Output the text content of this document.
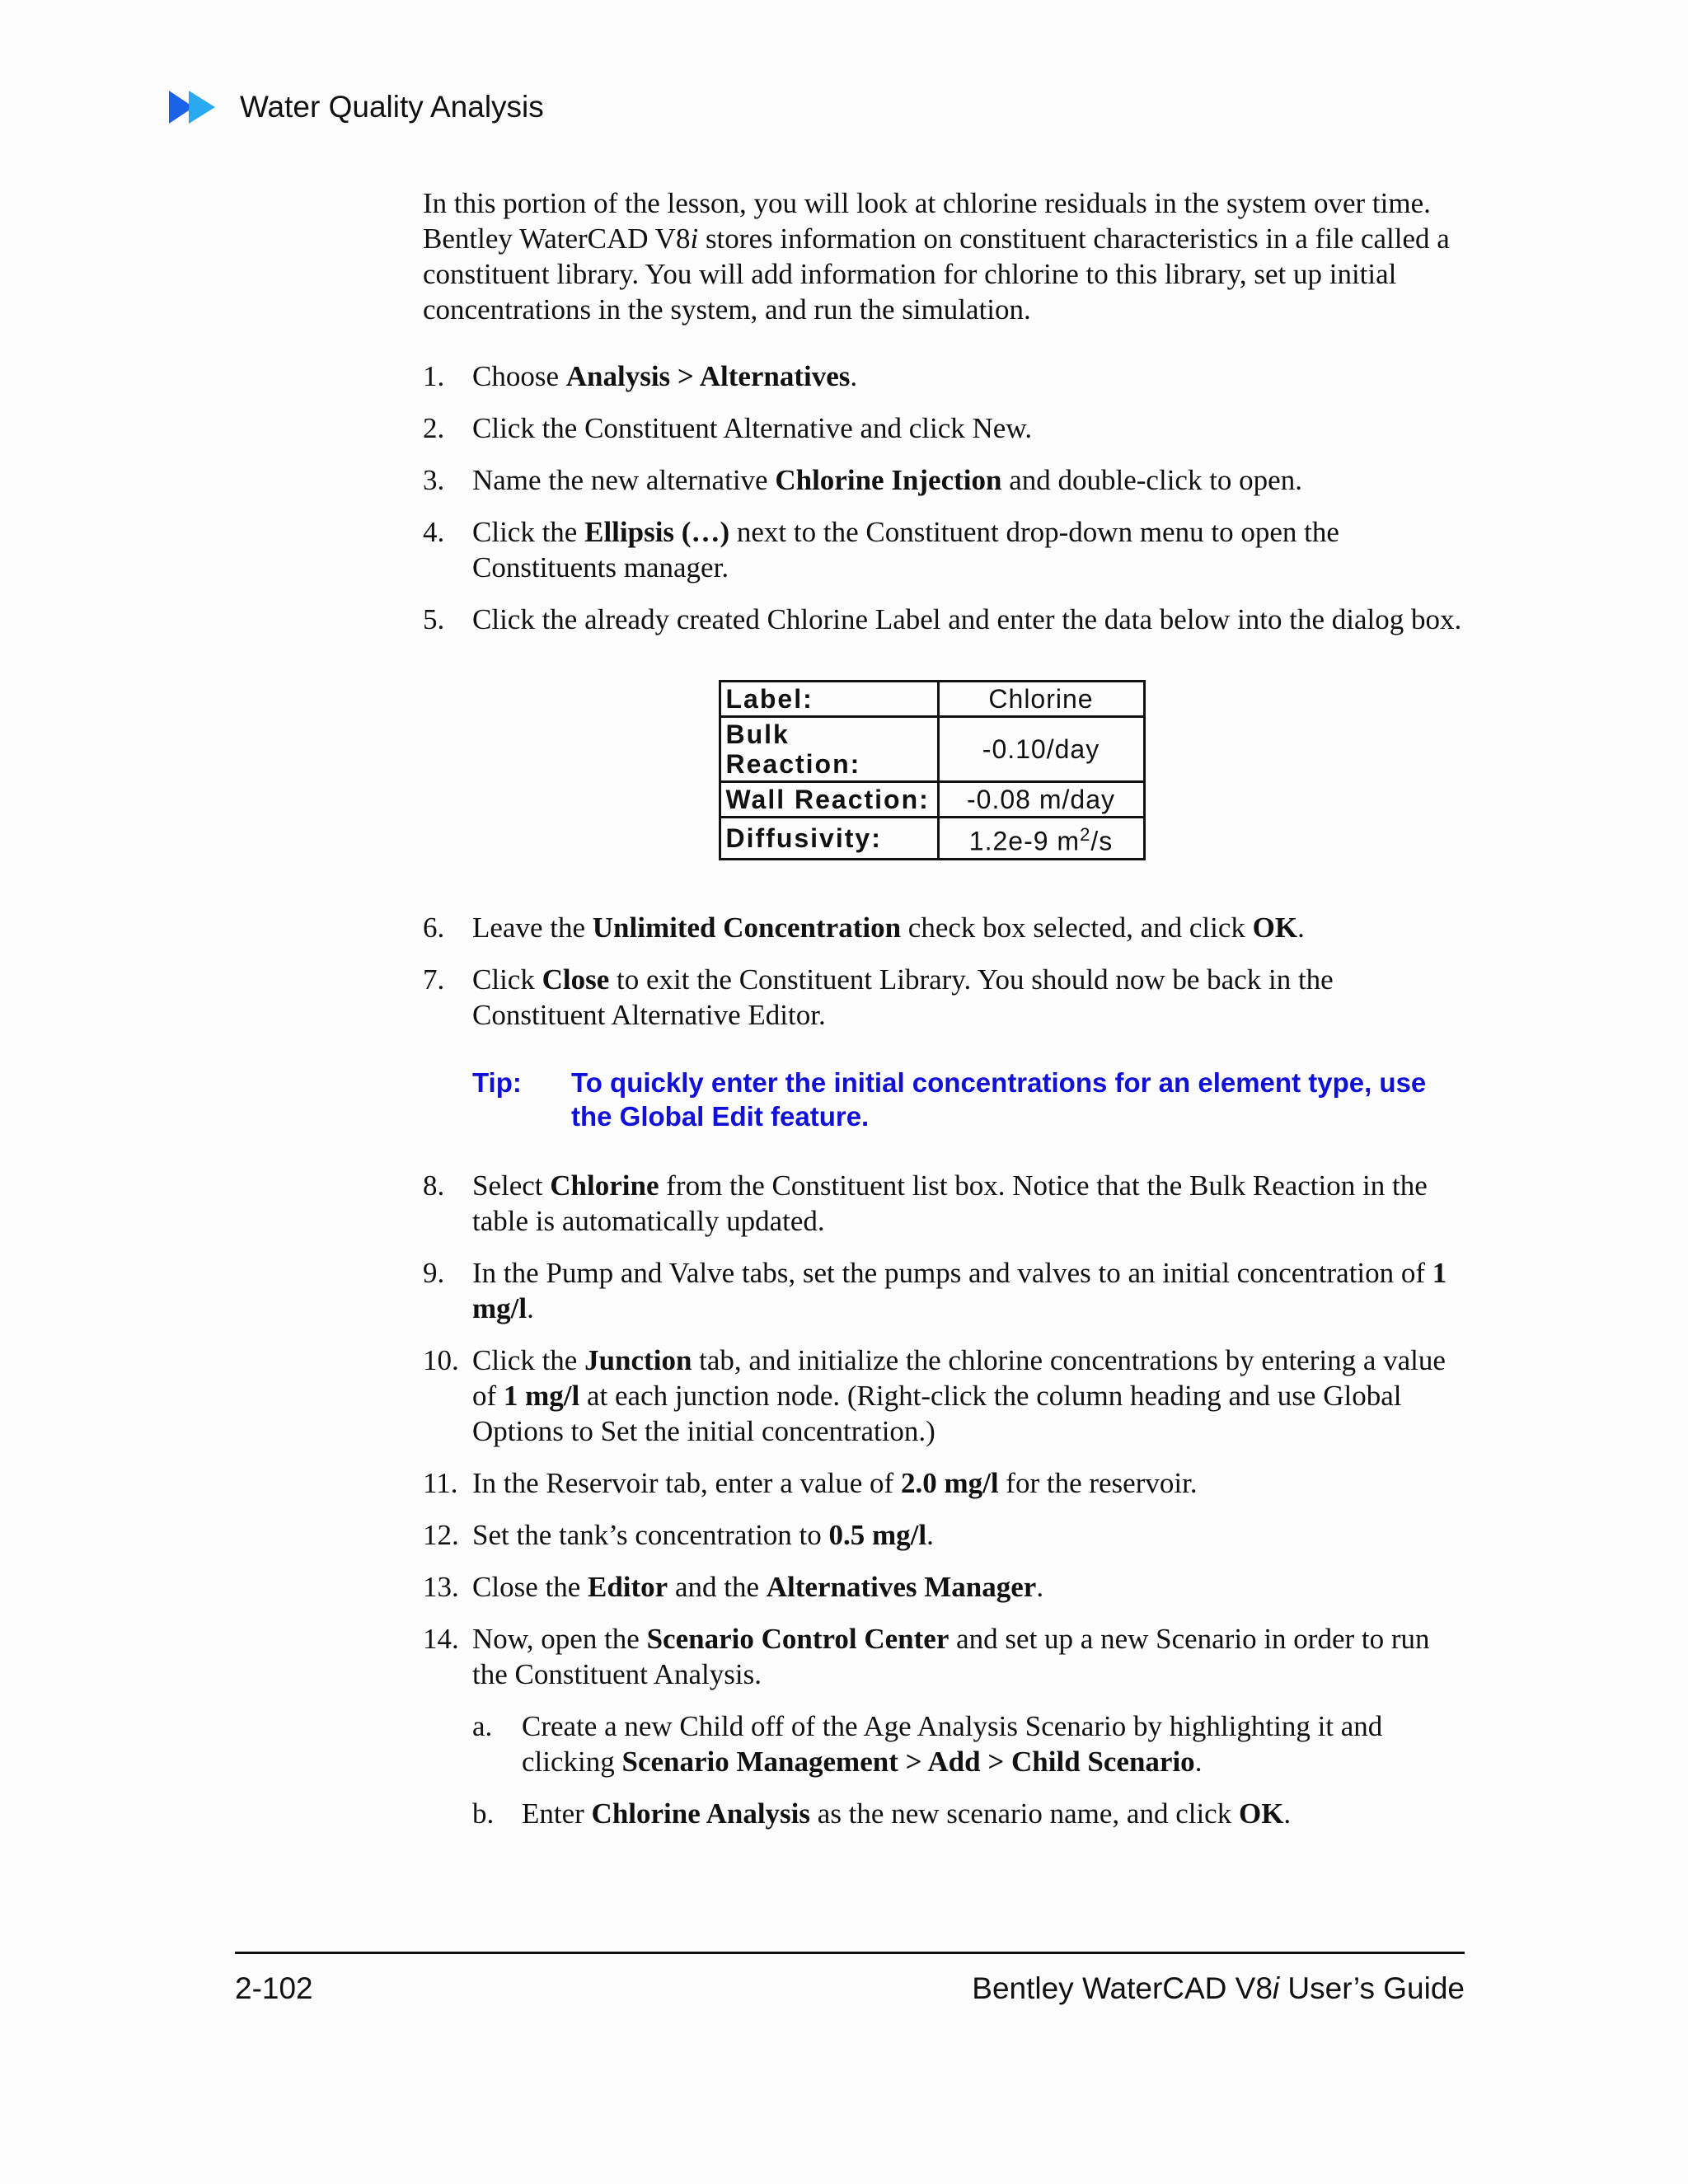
Water Quality Analysis

In this portion of the lesson, you will look at chlorine residuals in the system over time. Bentley WaterCAD V8i stores information on constituent characteristics in a file called a constituent library. You will add information for chlorine to this library, set up initial concentrations in the system, and run the simulation.

1. Choose Analysis > Alternatives.
2. Click the Constituent Alternative and click New.
3. Name the new alternative Chlorine Injection and double-click to open.
4. Click the Ellipsis (…) next to the Constituent drop-down menu to open the Constituents manager.
5. Click the already created Chlorine Label and enter the data below into the dialog box.
Label:	Chlorine
Bulk Reaction:	-0.10/day
Wall Reaction:	-0.08 m/day
Diffusivity:	1.2e-9 $m^2/s$
6. Leave the Unlimited Concentration check box selected, and click OK.
7. Click Close to exit the Constituent Library. You should now be back in the Constituent Alternative Editor.
Tip:	To quickly enter the initial concentrations for an element type, use the Global Edit feature.
8. Select Chlorine from the Constituent list box. Notice that the Bulk Reaction in the table is automatically updated.
9. In the Pump and Valve tabs, set the pumps and valves to an initial concentration of 1 mg/l.
10. Click the Junction tab, and initialize the chlorine concentrations by entering a value of 1 mg/l at each junction node. (Right-click the column heading and use Global Options to Set the initial concentration.)
11. In the Reservoir tab, enter a value of 2.0 mg/l for the reservoir.
12. Set the tank’s concentration to 0.5 mg/l.
13. Close the Editor and the Alternatives Manager.
14. Now, open the Scenario Control Center and set up a new Scenario in order to run the Constituent Analysis.
a.	Create a new Child off of the Age Analysis Scenario by highlighting it and clicking Scenario Management > Add > Child Scenario.
b. Enter Chlorine Analysis as the new scenario name, and click OK.
2-102	Bentley WaterCAD V8i User’s Guide
